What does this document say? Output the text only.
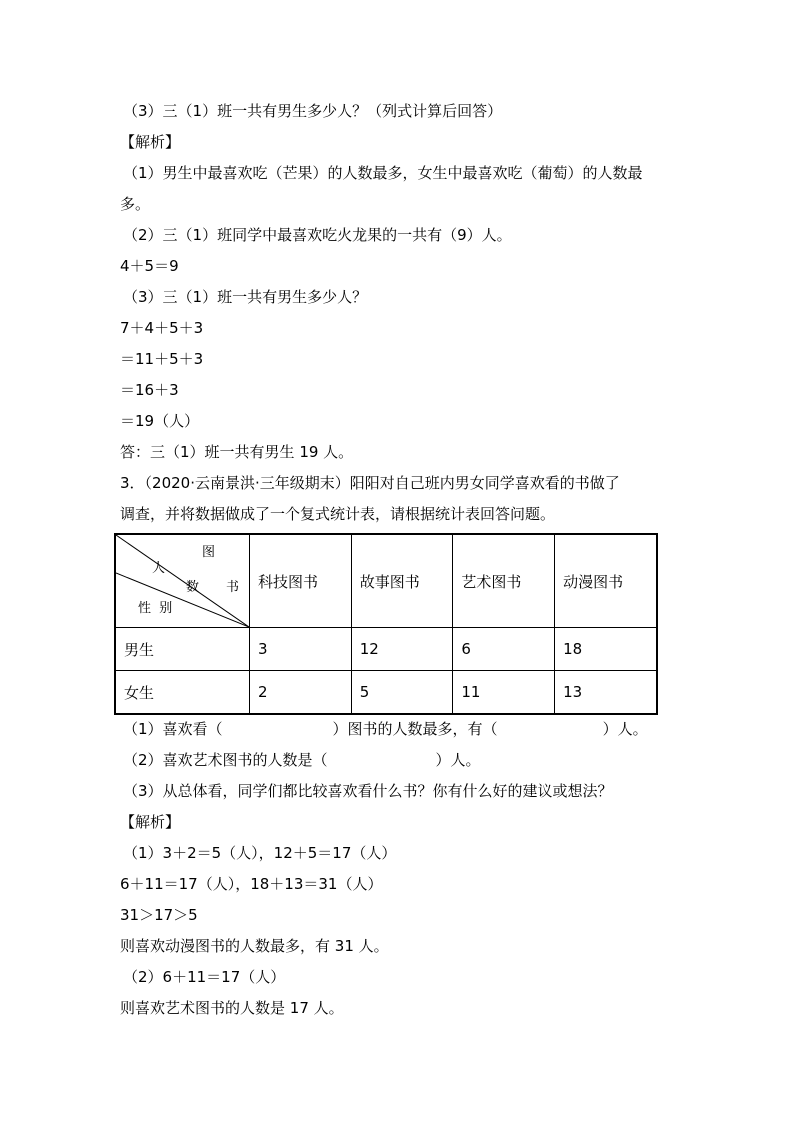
（3）三（1）班一共有男生多少人？（列式计算后回答）
【解析】
（1）男生中最喜欢吃（芒果）的人数最多，女生中最喜欢吃（葡萄）的人数最
多。
（2）三（1）班同学中最喜欢吃火龙果的一共有（9）人。
4＋5＝9
（3）三（1）班一共有男生多少人？
7＋4＋5＋3
＝11＋5＋3
＝16＋3
＝19（人）
答：三（1）班一共有男生 19 人。
3．（2020·云南景洪·三年级期末）阳阳对自己班内男女同学喜欢看的书做了
调查，并将数据做成了一个复式统计表，请根据统计表回答问题。
图
人
数 书
性  别	科技图书	故事图书	艺术图书	动漫图书
男生	3	12	6	18
女生	2	5	11	13
（1）喜欢看（	）图书的人数最多，有（	）人。
（2）喜欢艺术图书的人数是（	）人。
（3）从总体看，同学们都比较喜欢看什么书？你有什么好的建议或想法？
【解析】
（1）3＋2＝5（人），12＋5＝17（人）
6＋11＝17（人），18＋13＝31（人）
31＞17＞5
则喜欢动漫图书的人数最多，有 31 人。
（2）6＋11＝17（人）
则喜欢艺术图书的人数是 17 人。
